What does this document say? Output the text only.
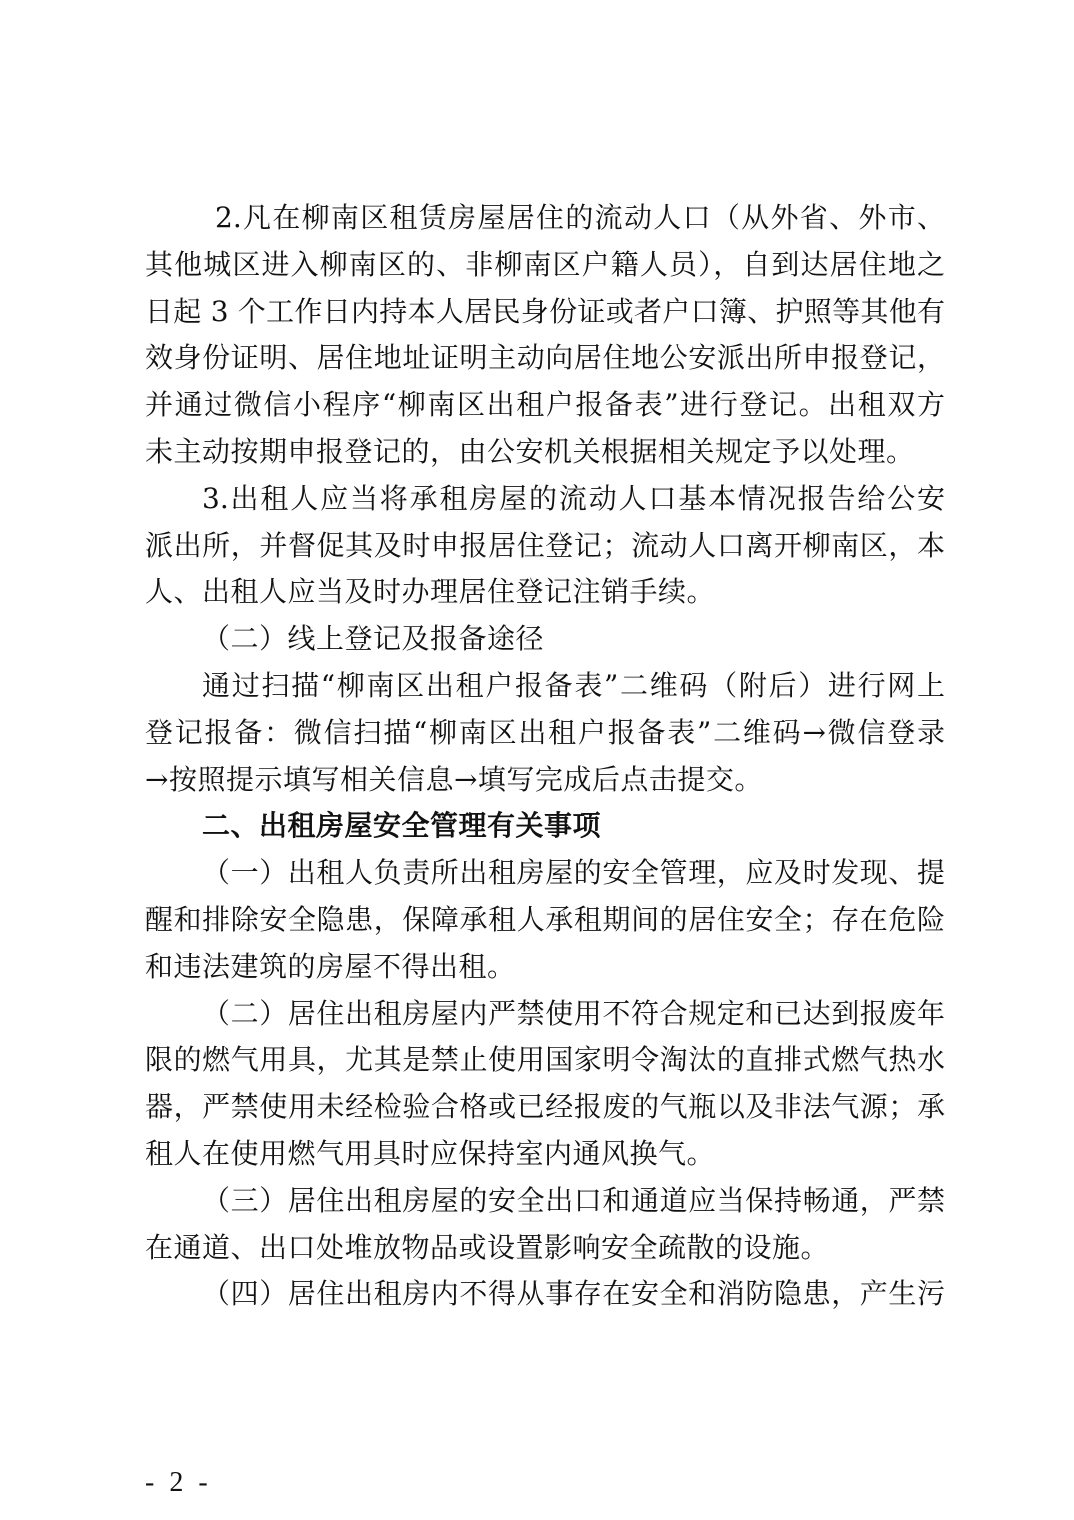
2.凡在柳南区租赁房屋居住的流动人口（从外省、外市、
其他城区进入柳南区的、非柳南区户籍人员），自到达居住地之
日起 3 个工作日内持本人居民身份证或者户口簿、护照等其他有
效身份证明、居住地址证明主动向居住地公安派出所申报登记，
并通过微信小程序“柳南区出租户报备表”进行登记。出租双方
未主动按期申报登记的，由公安机关根据相关规定予以处理。
3.出租人应当将承租房屋的流动人口基本情况报告给公安
派出所，并督促其及时申报居住登记；流动人口离开柳南区，本
人、出租人应当及时办理居住登记注销手续。
（二）线上登记及报备途径
通过扫描“柳南区出租户报备表”二维码（附后）进行网上
登记报备：微信扫描“柳南区出租户报备表”二维码→微信登录
→按照提示填写相关信息→填写完成后点击提交。
二、出租房屋安全管理有关事项
（一）出租人负责所出租房屋的安全管理，应及时发现、提
醒和排除安全隐患，保障承租人承租期间的居住安全；存在危险
和违法建筑的房屋不得出租。
（二）居住出租房屋内严禁使用不符合规定和已达到报废年
限的燃气用具，尤其是禁止使用国家明令淘汰的直排式燃气热水
器，严禁使用未经检验合格或已经报废的气瓶以及非法气源；承
租人在使用燃气用具时应保持室内通风换气。
（三）居住出租房屋的安全出口和通道应当保持畅通，严禁
在通道、出口处堆放物品或设置影响安全疏散的设施。
（四）居住出租房内不得从事存在安全和消防隐患，产生污
- 2 -
